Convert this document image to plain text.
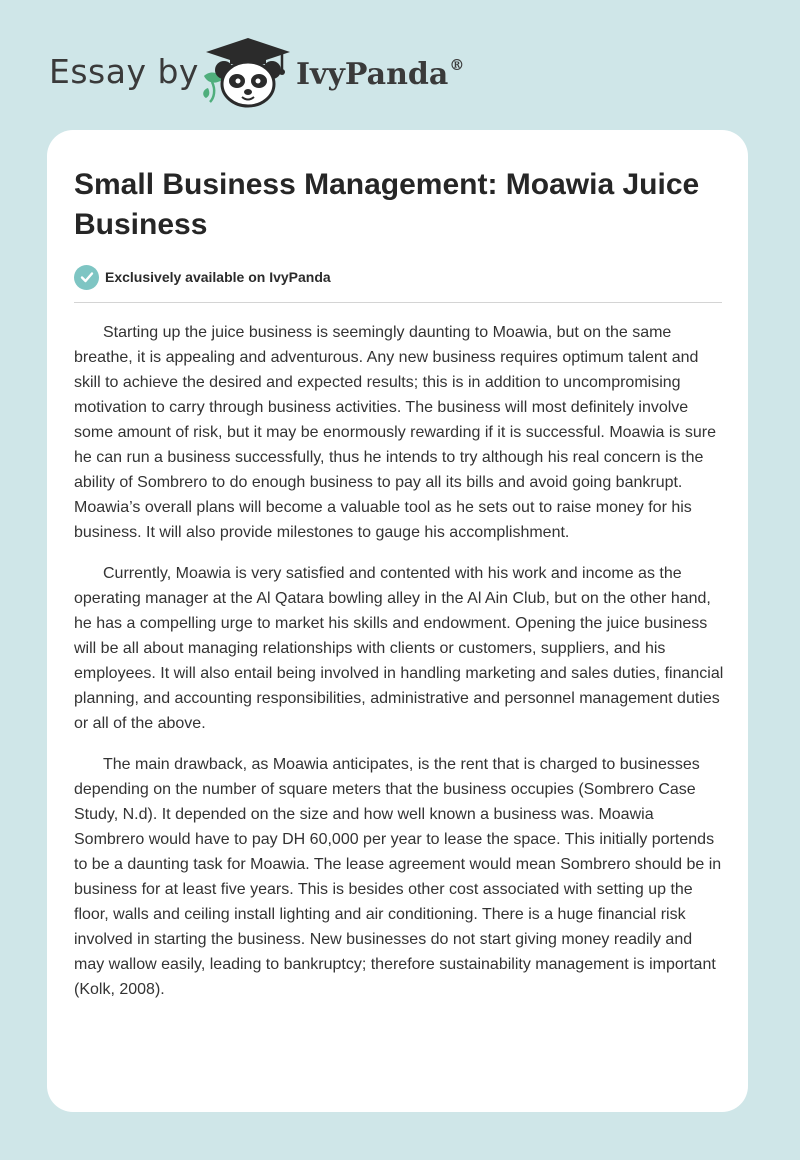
Essay by	IvyPanda®
Small Business Management: Moawia Juice Business
Exclusively available on IvyPanda

Starting up the juice business is seemingly daunting to Moawia, but on the same breathe, it is appealing and adventurous. Any new business requires optimum talent and skill to achieve the desired and expected results; this is in addition to uncompromising motivation to carry through business activities. The business will most definitely involve some amount of risk, but it may be enormously rewarding if it is successful. Moawia is sure he can run a business successfully, thus he intends to try although his real concern is the ability of Sombrero to do enough business to pay all its bills and avoid going bankrupt. Moawia’s overall plans will become a valuable tool as he sets out to raise money for his business. It will also provide milestones to gauge his accomplishment.

Currently, Moawia is very satisfied and contented with his work and income as the operating manager at the Al Qatara bowling alley in the Al Ain Club, but on the other hand, he has a compelling urge to market his skills and endowment. Opening the juice business will be all about managing relationships with clients or customers, suppliers, and his employees. It will also entail being involved in handling marketing and sales duties, financial planning, and accounting responsibilities, administrative and personnel management duties or all of the above.

The main drawback, as Moawia anticipates, is the rent that is charged to businesses depending on the number of square meters that the business occupies (Sombrero Case Study, N.d). It depended on the size and how well known a business was. Moawia Sombrero would have to pay DH 60,000 per year to lease the space. This initially portends to be a daunting task for Moawia. The lease agreement would mean Sombrero should be in business for at least five years. This is besides other cost associated with setting up the floor, walls and ceiling install lighting and air conditioning. There is a huge financial risk involved in starting the business. New businesses do not start giving money readily and may wallow easily, leading to bankruptcy; therefore sustainability management is important (Kolk, 2008).
